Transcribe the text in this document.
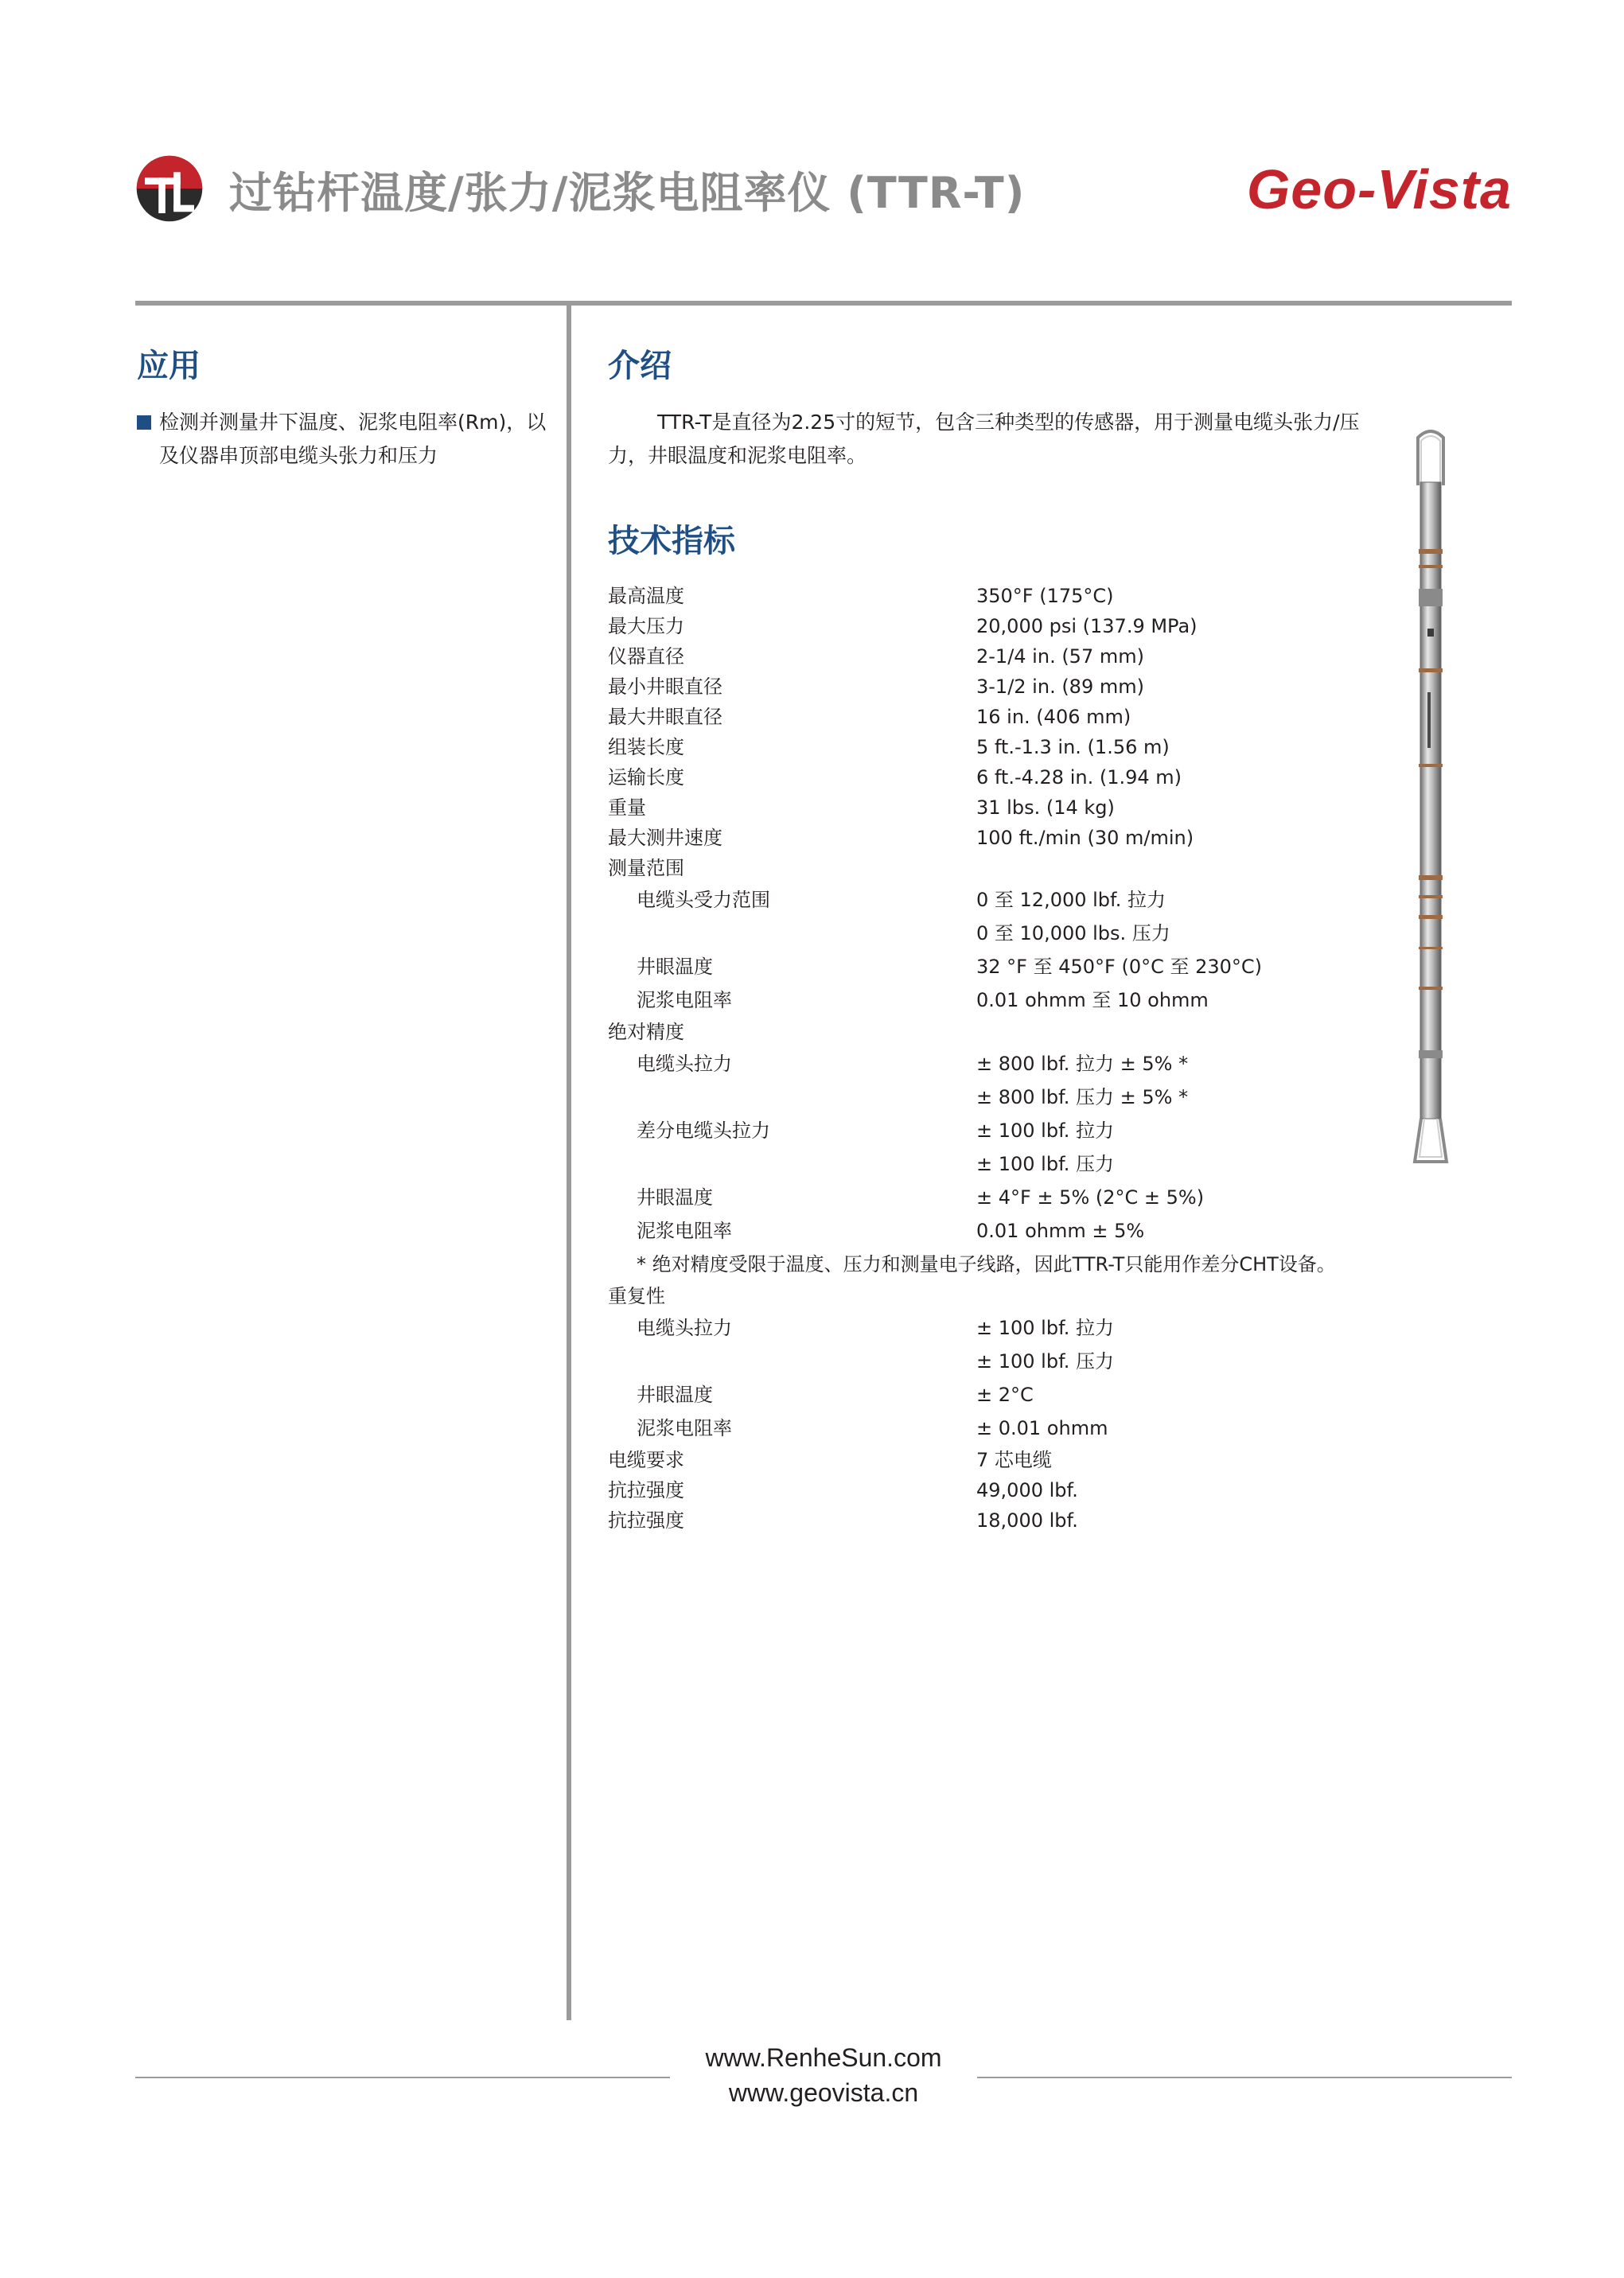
过钻杆温度/张力/泥浆电阻率仪 (TTR-T)	Geo-Vista
应用
检测并测量井下温度、泥浆电阻率(Rm)，以及仪器串顶部电缆头张力和压力
介绍

TTR-T是直径为2.25寸的短节，包含三种类型的传感器，用于测量电缆头张力/压力，井眼温度和泥浆电阻率。

技术指标
最高温度	350°F (175°C)
最大压力	20,000 psi (137.9 MPa)
仪器直径	2-1/4 in. (57 mm)
最小井眼直径	3-1/2 in. (89 mm)
最大井眼直径	16 in. (406 mm)
组装长度	5 ft.-1.3 in. (1.56 m)
运输长度	6 ft.-4.28 in. (1.94 m)
重量	31 lbs. (14 kg)
最大测井速度	100 ft./min (30 m/min)
测量范围
电缆头受力范围	0 至 12,000 lbf. 拉力
0 至 10,000 lbs. 压力
井眼温度	32 °F 至 450°F (0°C 至 230°C)
泥浆电阻率	0.01 ohmm 至 10 ohmm
绝对精度
电缆头拉力	± 800 lbf. 拉力 ± 5% *
± 800 lbf. 压力 ± 5% *
差分电缆头拉力	± 100 lbf. 拉力
± 100 lbf. 压力
井眼温度	± 4°F ± 5% (2°C ± 5%)
泥浆电阻率	0.01 ohmm ± 5%
* 绝对精度受限于温度、压力和测量电子线路，因此TTR-T只能用作差分CHT设备。
重复性
电缆头拉力	± 100 lbf. 拉力
± 100 lbf. 压力
井眼温度	± 2°C
泥浆电阻率	± 0.01 ohmm
电缆要求	7 芯电缆
抗拉强度	49,000 lbf.
抗拉强度	18,000 lbf.
www.RenheSun.com
www.geovista.cn
